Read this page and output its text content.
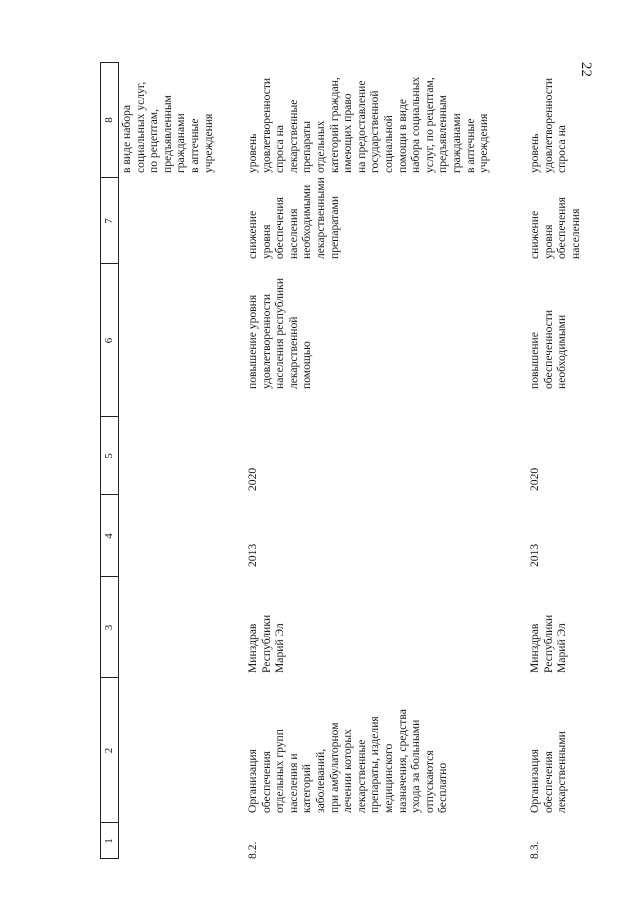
22
1
2
3
4
5
6
7
8
в виде набора
социальных услуг,
по рецептам,
предъявленным
гражданами
в аптечные
учреждения
8.2.
Организация
обеспечения
отдельных групп
населения и
категорий
заболеваний,
при амбулаторном
лечении которых
лекарственные
препараты, изделия
медицинского
назначения, средства
ухода за больными
отпускаются
бесплатно
Минздрав
Республики
Марий Эл
2013
2020
повышение уровня
удовлетворенности
населения республики
лекарственной
помощью
снижение уровня
обеспечения
населения
необходимыми
лекарственными
препаратами
уровень
удовлетворенности
спроса на
лекарственные
препараты
отдельных
категорий граждан,
имеющих право
на предоставление
государственной
социальной
помощи в виде
набора социальных
услуг, по рецептам,
предъявленным
гражданами
в аптечные
учреждения
8.3.
Организация
обеспечения
лекарственными
Минздрав
Республики
Марий Эл
2013
2020
повышение
обеспеченности
необходимыми
снижение уровня
обеспечения
населения
уровень
удовлетворенности
спроса на
